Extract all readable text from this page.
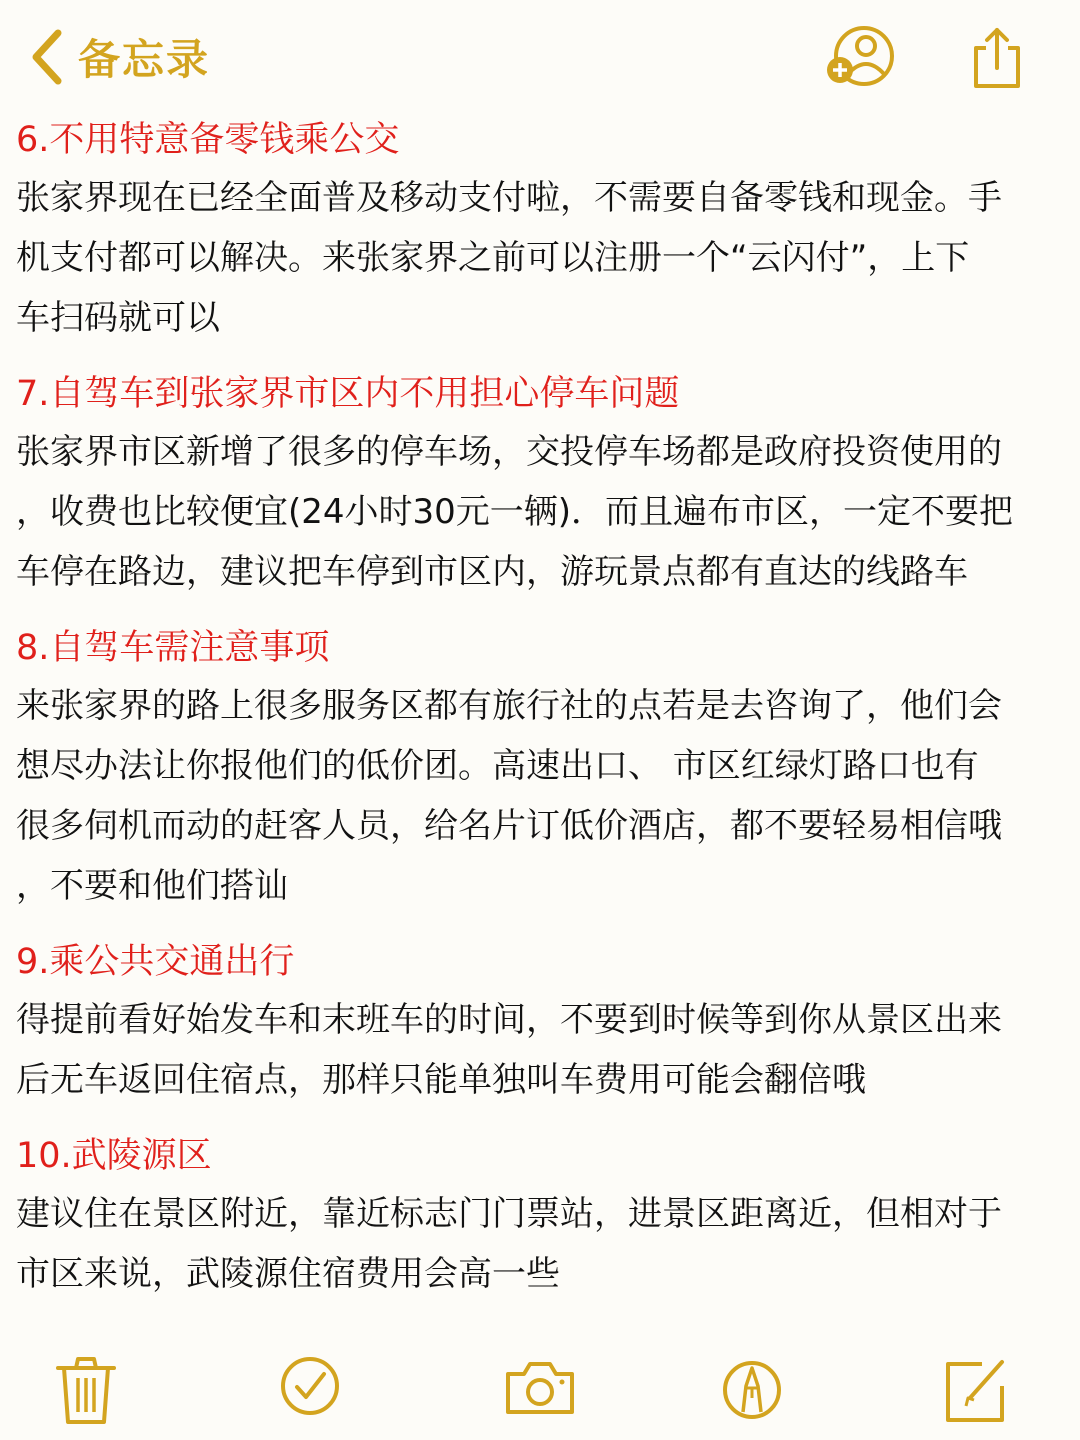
备忘录
6.不用特意备零钱乘公交

张家界现在已经全面普及移动支付啦，不需要自备零钱和现金。手

机支付都可以解决。来张家界之前可以注册一个“云闪付”，上下

车扫码就可以

7.自驾车到张家界市区内不用担心停车问题

张家界市区新增了很多的停车场，交投停车场都是政府投资使用的

，收费也比较便宜(24小时30元一辆)．而且遍布市区，一定不要把

车停在路边，建议把车停到市区内，游玩景点都有直达的线路车

8.自驾车需注意事项

来张家界的路上很多服务区都有旅行社的点若是去咨询了，他们会

想尽办法让你报他们的低价团。高速出口、 市区红绿灯路口也有

很多伺机而动的赶客人员，给名片订低价酒店，都不要轻易相信哦

，不要和他们搭讪

9.乘公共交通出行

得提前看好始发车和末班车的时间，不要到时候等到你从景区出来

后无车返回住宿点，那样只能单独叫车费用可能会翻倍哦

10.武陵源区

建议住在景区附近，靠近标志门门票站，进景区距离近，但相对于

市区来说，武陵源住宿费用会高一些
